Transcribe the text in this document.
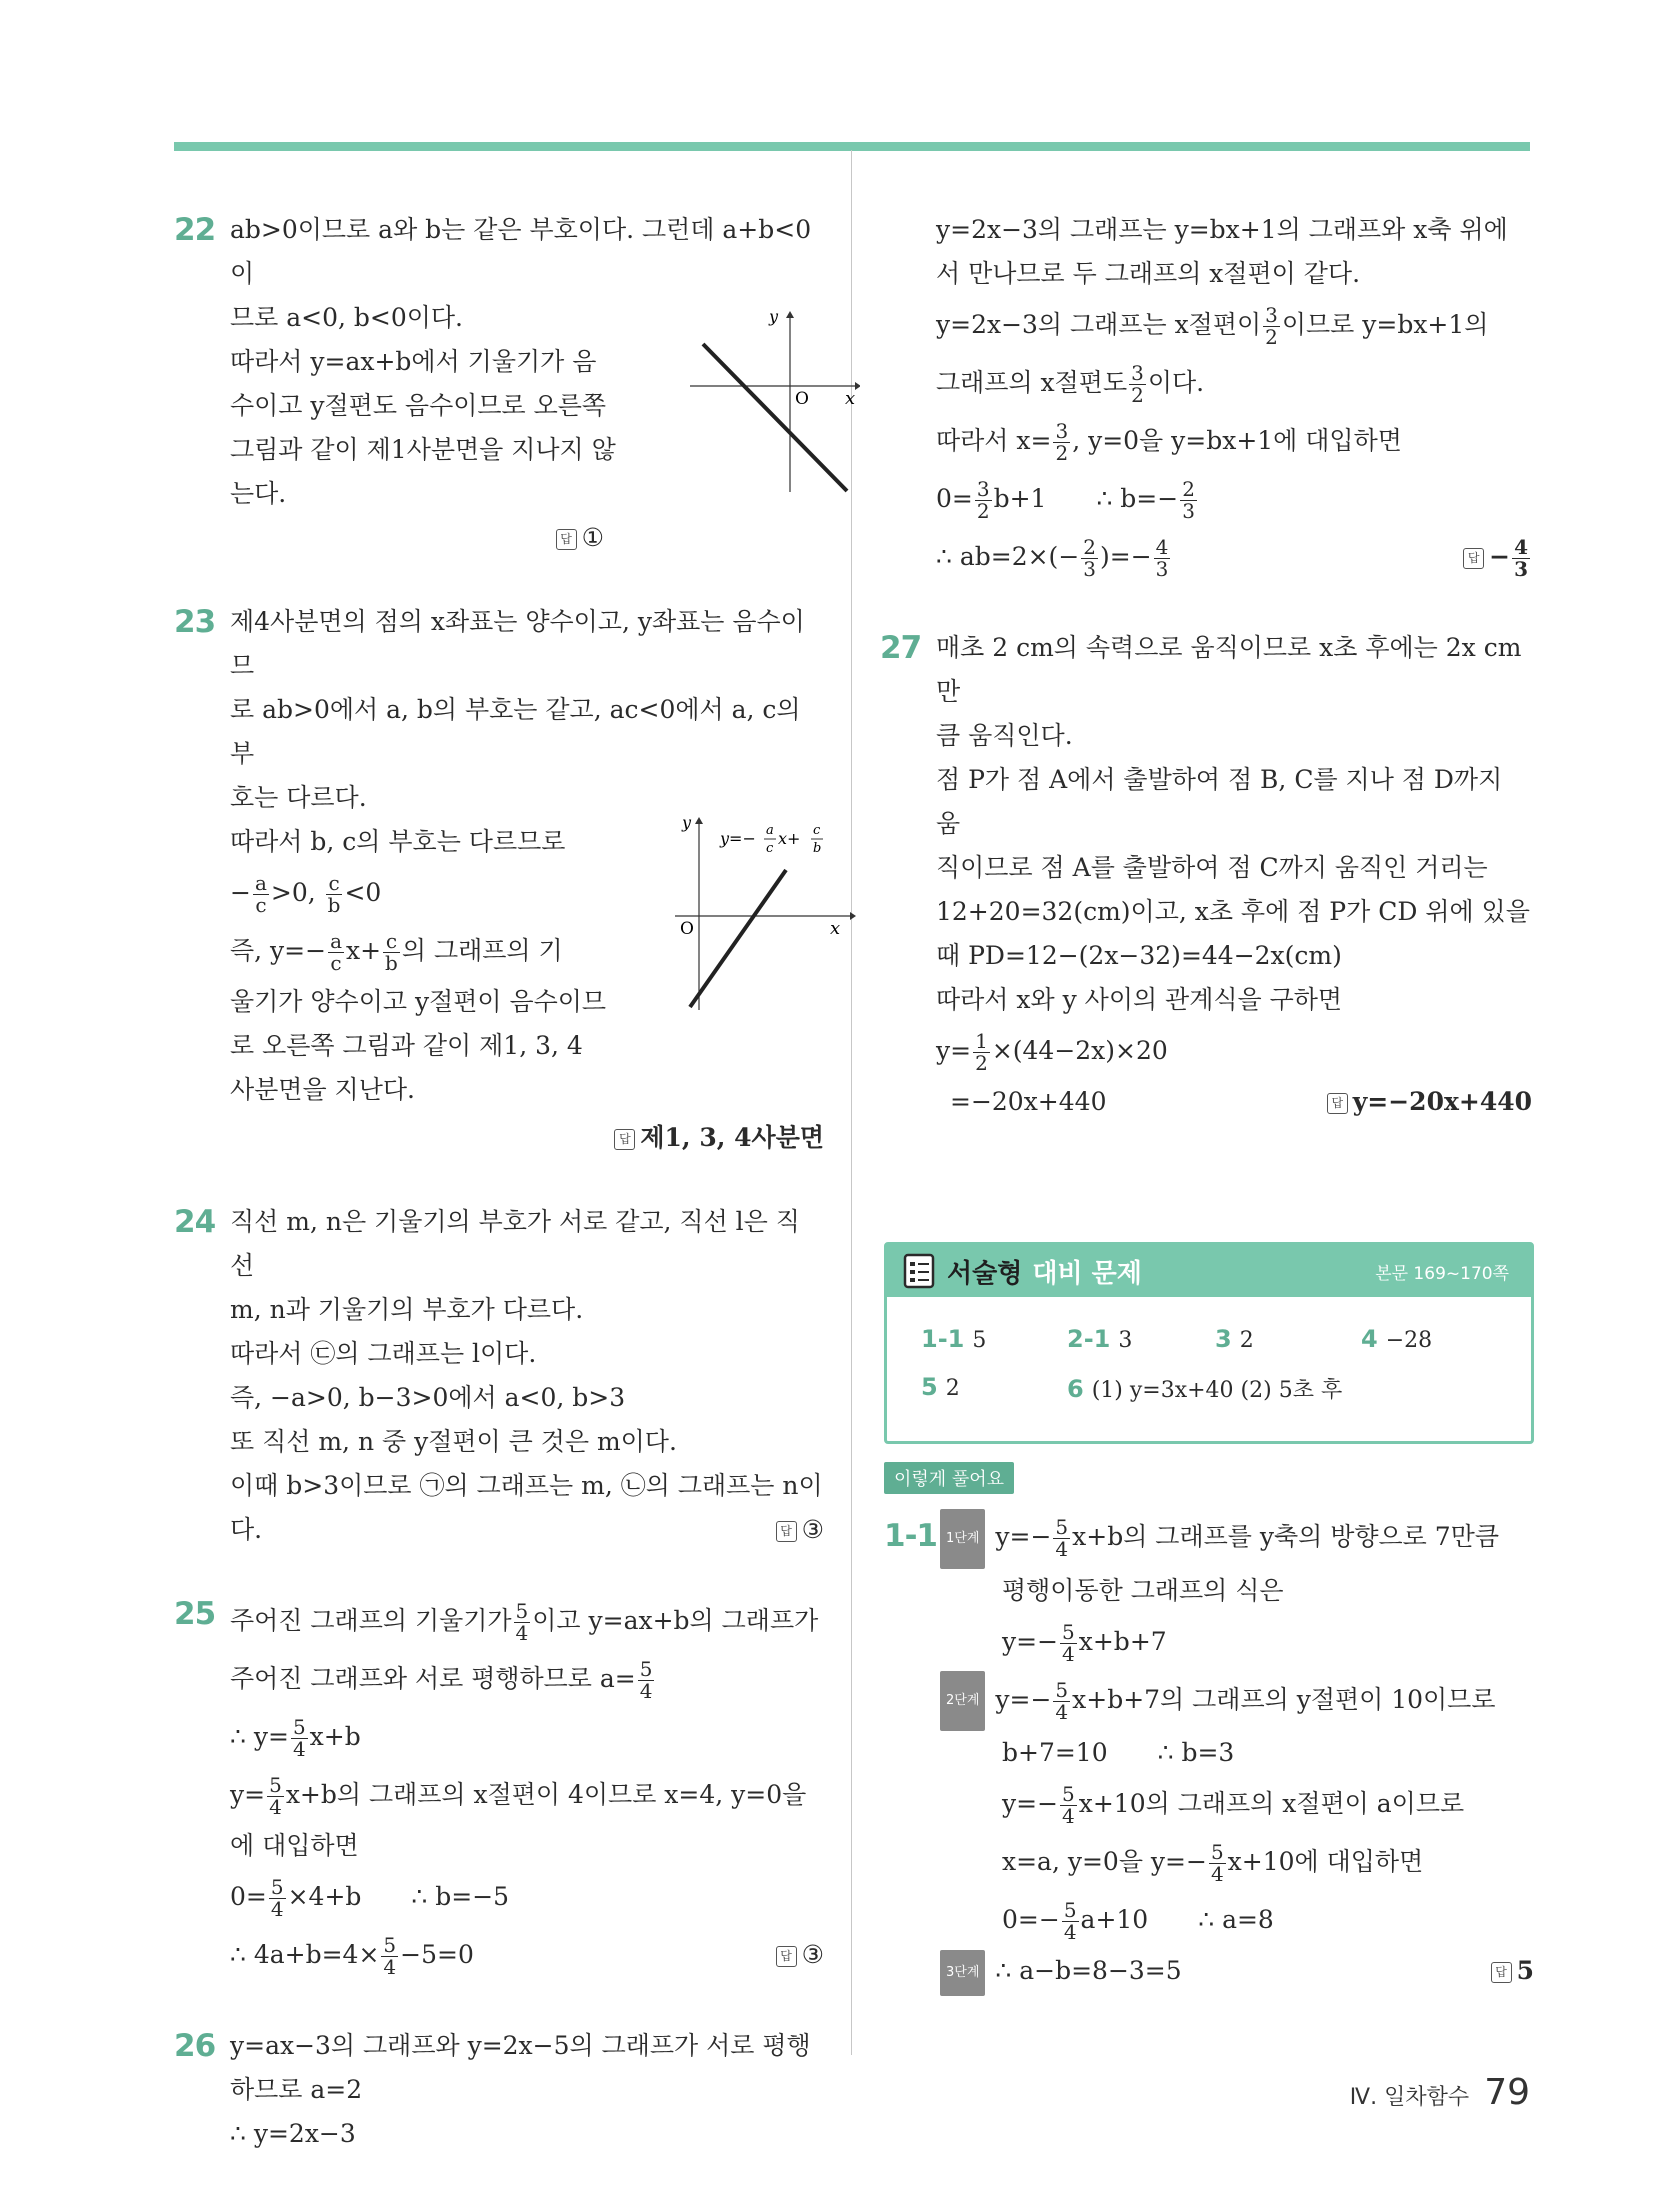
22 ab>0이므로 a와 b는 같은 부호이다. 그런데 a+b<0이

므로 a<0, b<0이다.

따라서 y=ax+b에서 기울기가 음

수이고 y절편도 음수이므로 오른쪽

그림과 같이 제1사분면을 지나지 않

는다.

답 ①

y
x
O
23 제4사분면의 점의 x좌표는 양수이고, y좌표는 음수이므

로 ab>0에서 a, b의 부호는 같고, ac<0에서 a, c의 부

호는 다르다.

따라서 b, c의 부호는 다르므로

− $\frac{a}{c} >0$, $\frac{c}{b} <0$

즉, $y=- \frac{a}{c} x+ \frac{c}{b}$ 의 그래프의 기

울기가 양수이고 y절편이 음수이므

로 오른쪽 그림과 같이 제1, 3, 4

사분면을 지난다.

답 제1, 3, 4사분면

y
x
O
y=− a
c
x+ c
b
24 직선 m, n은 기울기의 부호가 서로 같고, 직선 l은 직선

m, n과 기울기의 부호가 다르다.

따라서 ㉢의 그래프는 l이다.

즉, −a>0, b−3>0에서 a<0, b>3

또 직선 m, n 중 y절편이 큰 것은 m이다.

이때 b>3이므로 ㉠의 그래프는 m, ㉡의 그래프는 n이

다.	답 ③

25 주어진 그래프의 기울기가 $\frac{5}{4}$ 이고 y=ax+b의 그래프가

주어진 그래프와 서로 평행하므로 $a= \frac{5}{4}$

∴ $y= \frac{5}{4} x+b$

$y= \frac{5}{4} x+b$의 그래프의 x절편이 4이므로 x=4, y=0을

에 대입하면

$0= \frac{5}{4} \times 4+b$ ∴ b=−5

∴ $4a+b=4\times \frac{5}{4} -5=0$	답 ③

26 y=ax−3의 그래프와 y=2x−5의 그래프가 서로 평행

하므로 a=2

∴ y=2x−3

y=2x−3의 그래프는 y=bx+1의 그래프와 x축 위에

서 만나므로 두 그래프의 x절편이 같다.

y=2x−3의 그래프는 x절편이 $\frac{3}{2}$ 이므로 y=bx+1의

그래프의 x절편도 $\frac{3}{2}$ 이다.

따라서 $x= \frac{3}{2}$ , y=0을 y=bx+1에 대입하면

$0= \frac{3}{2} b+1$ ∴ $b=- \frac{2}{3}$

∴ $ab=2\times(- \frac{2}{3}$ )=− $\frac{4}{3}$	답 − $\frac{4}{3}$

27 매초 2 cm의 속력으로 움직이므로 x초 후에는 2x cm만

큼 움직인다.

점 P가 점 A에서 출발하여 점 B, C를 지나 점 D까지 움

직이므로 점 A를 출발하여 점 C까지 움직인 거리는

12+20=32(cm)이고, x초 후에 점 P가 CD 위에 있을

때 PD=12−(2x−32)=44−2x(cm)

따라서 x와 y 사이의 관계식을 구하면

$y= \frac{1}{2} \times(44-2x)\times 20$

=−20x+440	답 y=−20x+440

서술형 대비 문제	본문 169~170쪽
1-1 5	2-1 3	3 2	4 −28
5 2	6 (1) y=3x+40 (2) 5초 후
이렇게 풀어요
1-1 1단계 $y=- \frac{5}{4} x+b$의 그래프를 y축의 방향으로 7만큼

평행이동한 그래프의 식은

$y=- \frac{5}{4} x+b+7$

2단계 $y=- \frac{5}{4} x+b+7$의 그래프의 y절편이 10이므로

b+7=10 ∴ b=3

$y=- \frac{5}{4} x+10$의 그래프의 x절편이 a이므로

x=a, y=0을 $y=- \frac{5}{4} x+10$에 대입하면

$0=- \frac{5}{4} a+10$ ∴ a=8

3단계 ∴ a−b=8−3=5	답 5

Ⅳ. 일차함수 79
